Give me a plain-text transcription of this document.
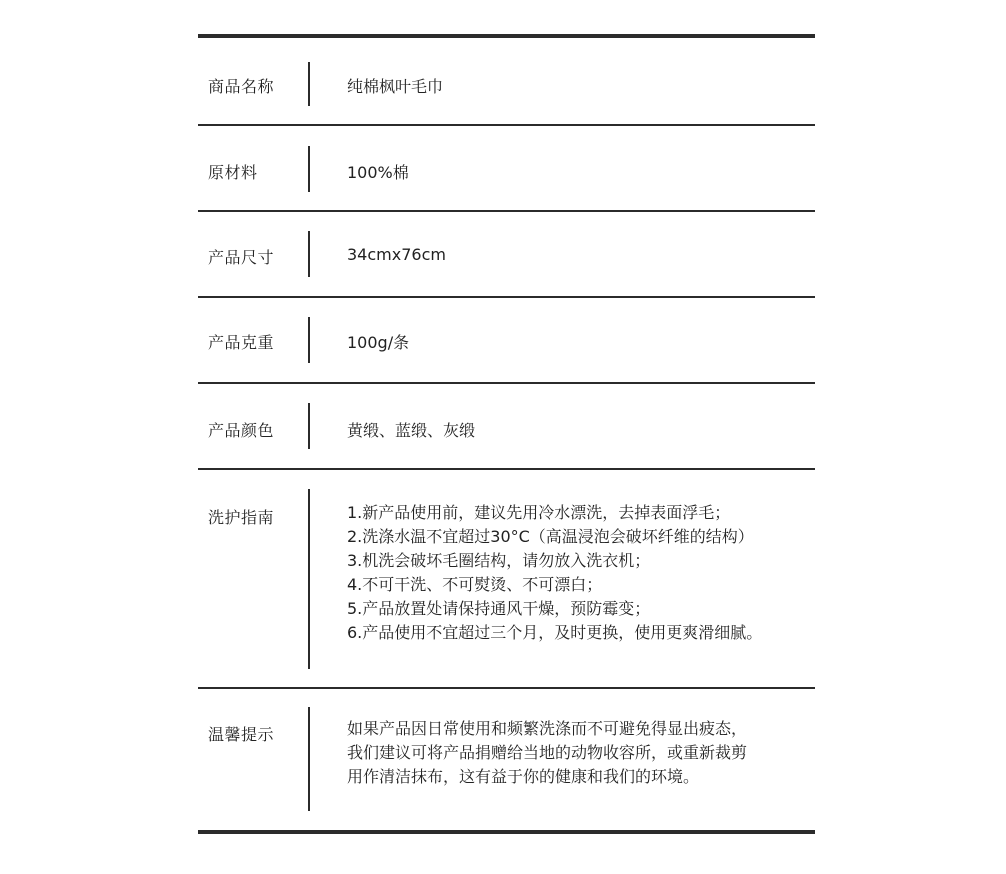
商品名称	纯棉枫叶毛巾
原材料	100%棉
产品尺寸	34cmx76cm
产品克重	100g/条
产品颜色	黄缎、蓝缎、灰缎
洗护指南	1.新产品使用前，建议先用冷水漂洗，去掉表面浮毛；
2.洗涤水温不宜超过30°C（高温浸泡会破坏纤维的结构）
3.机洗会破坏毛圈结构，请勿放入洗衣机；
4.不可干洗、不可熨烫、不可漂白；
5.产品放置处请保持通风干燥，预防霉变；
6.产品使用不宜超过三个月，及时更换，使用更爽滑细腻。
温馨提示	如果产品因日常使用和频繁洗涤而不可避免得显出疲态，
我们建议可将产品捐赠给当地的动物收容所，或重新裁剪
用作清洁抹布，这有益于你的健康和我们的环境。
